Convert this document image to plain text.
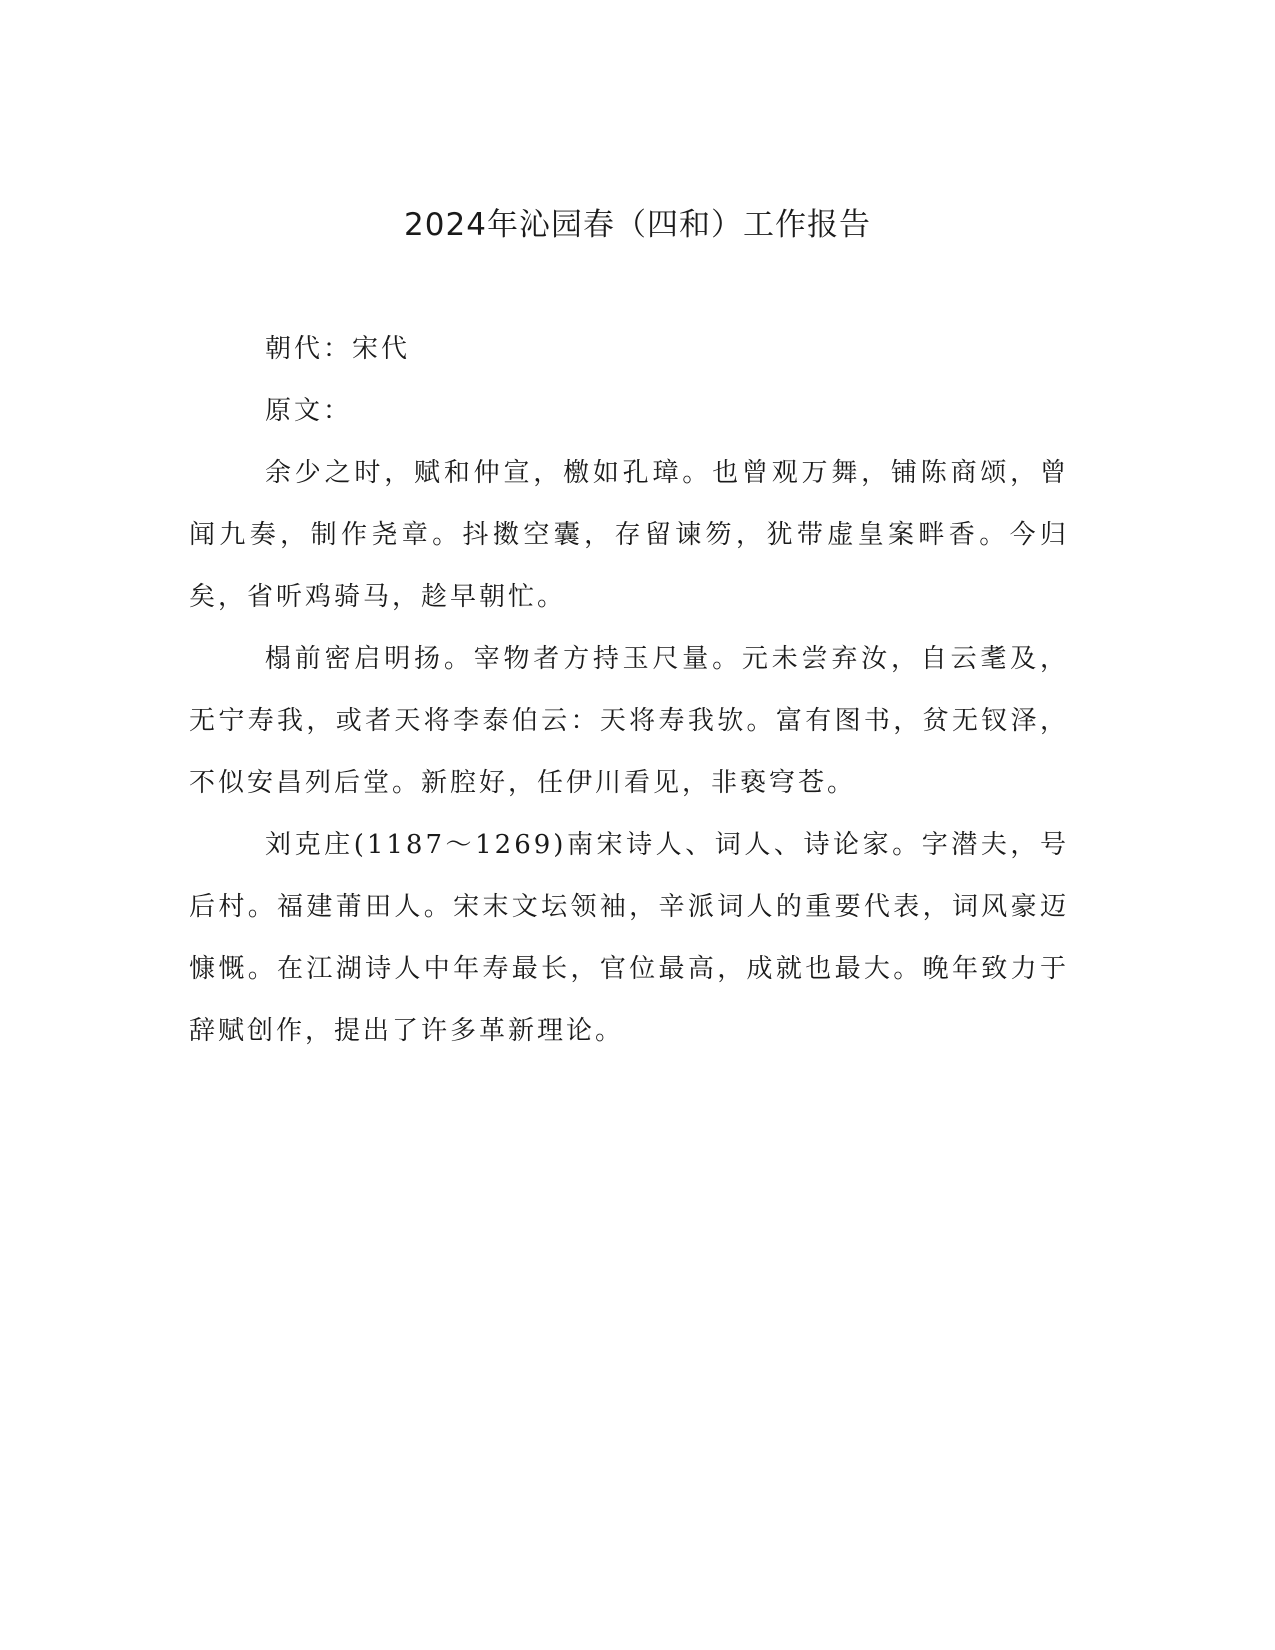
2024年沁园春（四和）工作报告

朝代：宋代

原文：

余少之时，赋和仲宣，檄如孔璋。也曾观万舞，铺陈商颂，曾闻九奏，制作尧章。抖擞空囊，存留谏笏，犹带虚皇案畔香。今归矣，省听鸡骑马，趁早朝忙。

榻前密启明扬。宰物者方持玉尺量。元未尝弃汝，自云耄及，无宁寿我，或者天将李泰伯云：天将寿我欤。富有图书，贫无钗泽，不似安昌列后堂。新腔好，任伊川看见，非亵穹苍。

刘克庄(1187～1269)南宋诗人、词人、诗论家。字潜夫，号后村。福建莆田人。宋末文坛领袖，辛派词人的重要代表，词风豪迈慷慨。在江湖诗人中年寿最长，官位最高，成就也最大。晚年致力于辞赋创作，提出了许多革新理论。
